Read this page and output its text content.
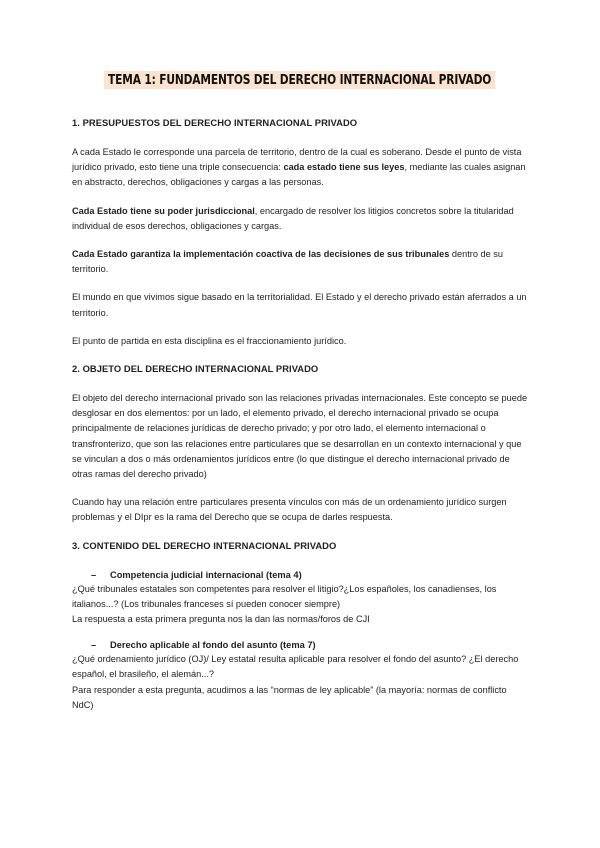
TEMA 1: FUNDAMENTOS DEL DERECHO INTERNACIONAL PRIVADO
1. PRESUPUESTOS DEL DERECHO INTERNACIONAL PRIVADO

A cada Estado le corresponde una parcela de territorio, dentro de la cual es soberano. Desde el punto de vista jurídico privado, esto tiene una triple consecuencia: cada estado tiene sus leyes, mediante las cuales asignan en abstracto, derechos, obligaciones y cargas a las personas.

Cada Estado tiene su poder jurisdiccional, encargado de resolver los litigios concretos sobre la titularidad individual de esos derechos, obligaciones y cargas.

Cada Estado garantiza la implementación coactiva de las decisiones de sus tribunales dentro de su territorio.

El mundo en que vivimos sigue basado en la territorialidad. El Estado y el derecho privado están aferrados a un territorio.

El punto de partida en esta disciplina es el fraccionamiento jurídico.

2. OBJETO DEL DERECHO INTERNACIONAL PRIVADO

El objeto del derecho internacional privado son las relaciones privadas internacionales. Este concepto se puede desglosar en dos elementos: por un lado, el elemento privado, el derecho internacional privado se ocupa principalmente de relaciones jurídicas de derecho privado; y por otro lado, el elemento internacional o transfronterizo, que son las relaciones entre particulares que se desarrollan en un contexto internacional y que se vinculan a dos o más ordenamientos jurídicos entre (lo que distingue el derecho internacional privado de otras ramas del derecho privado)

Cuando hay una relación entre particulares presenta vínculos con más de un ordenamiento jurídico surgen problemas y el DIpr es la rama del Derecho que se ocupa de darles respuesta.

3. CONTENIDO DEL DERECHO INTERNACIONAL PRIVADO
– Competencia judicial internacional (tema 4)

¿Qué tribunales estatales son competentes para resolver el litigio?¿Los españoles, los canadienses, los italianos...? (Los tribunales franceses sí pueden conocer siempre)

La respuesta a esta primera pregunta nos la dan las normas/foros de CJI

– Derecho aplicable al fondo del asunto (tema 7)

¿Qué ordenamiento jurídico (OJ)/ Ley estatal resulta aplicable para resolver el fondo del asunto? ¿El derecho español, el brasileño, el alemán...?

Para responder a esta pregunta, acudimos a las “normas de ley aplicable” (la mayoría: normas de conflicto NdC)
